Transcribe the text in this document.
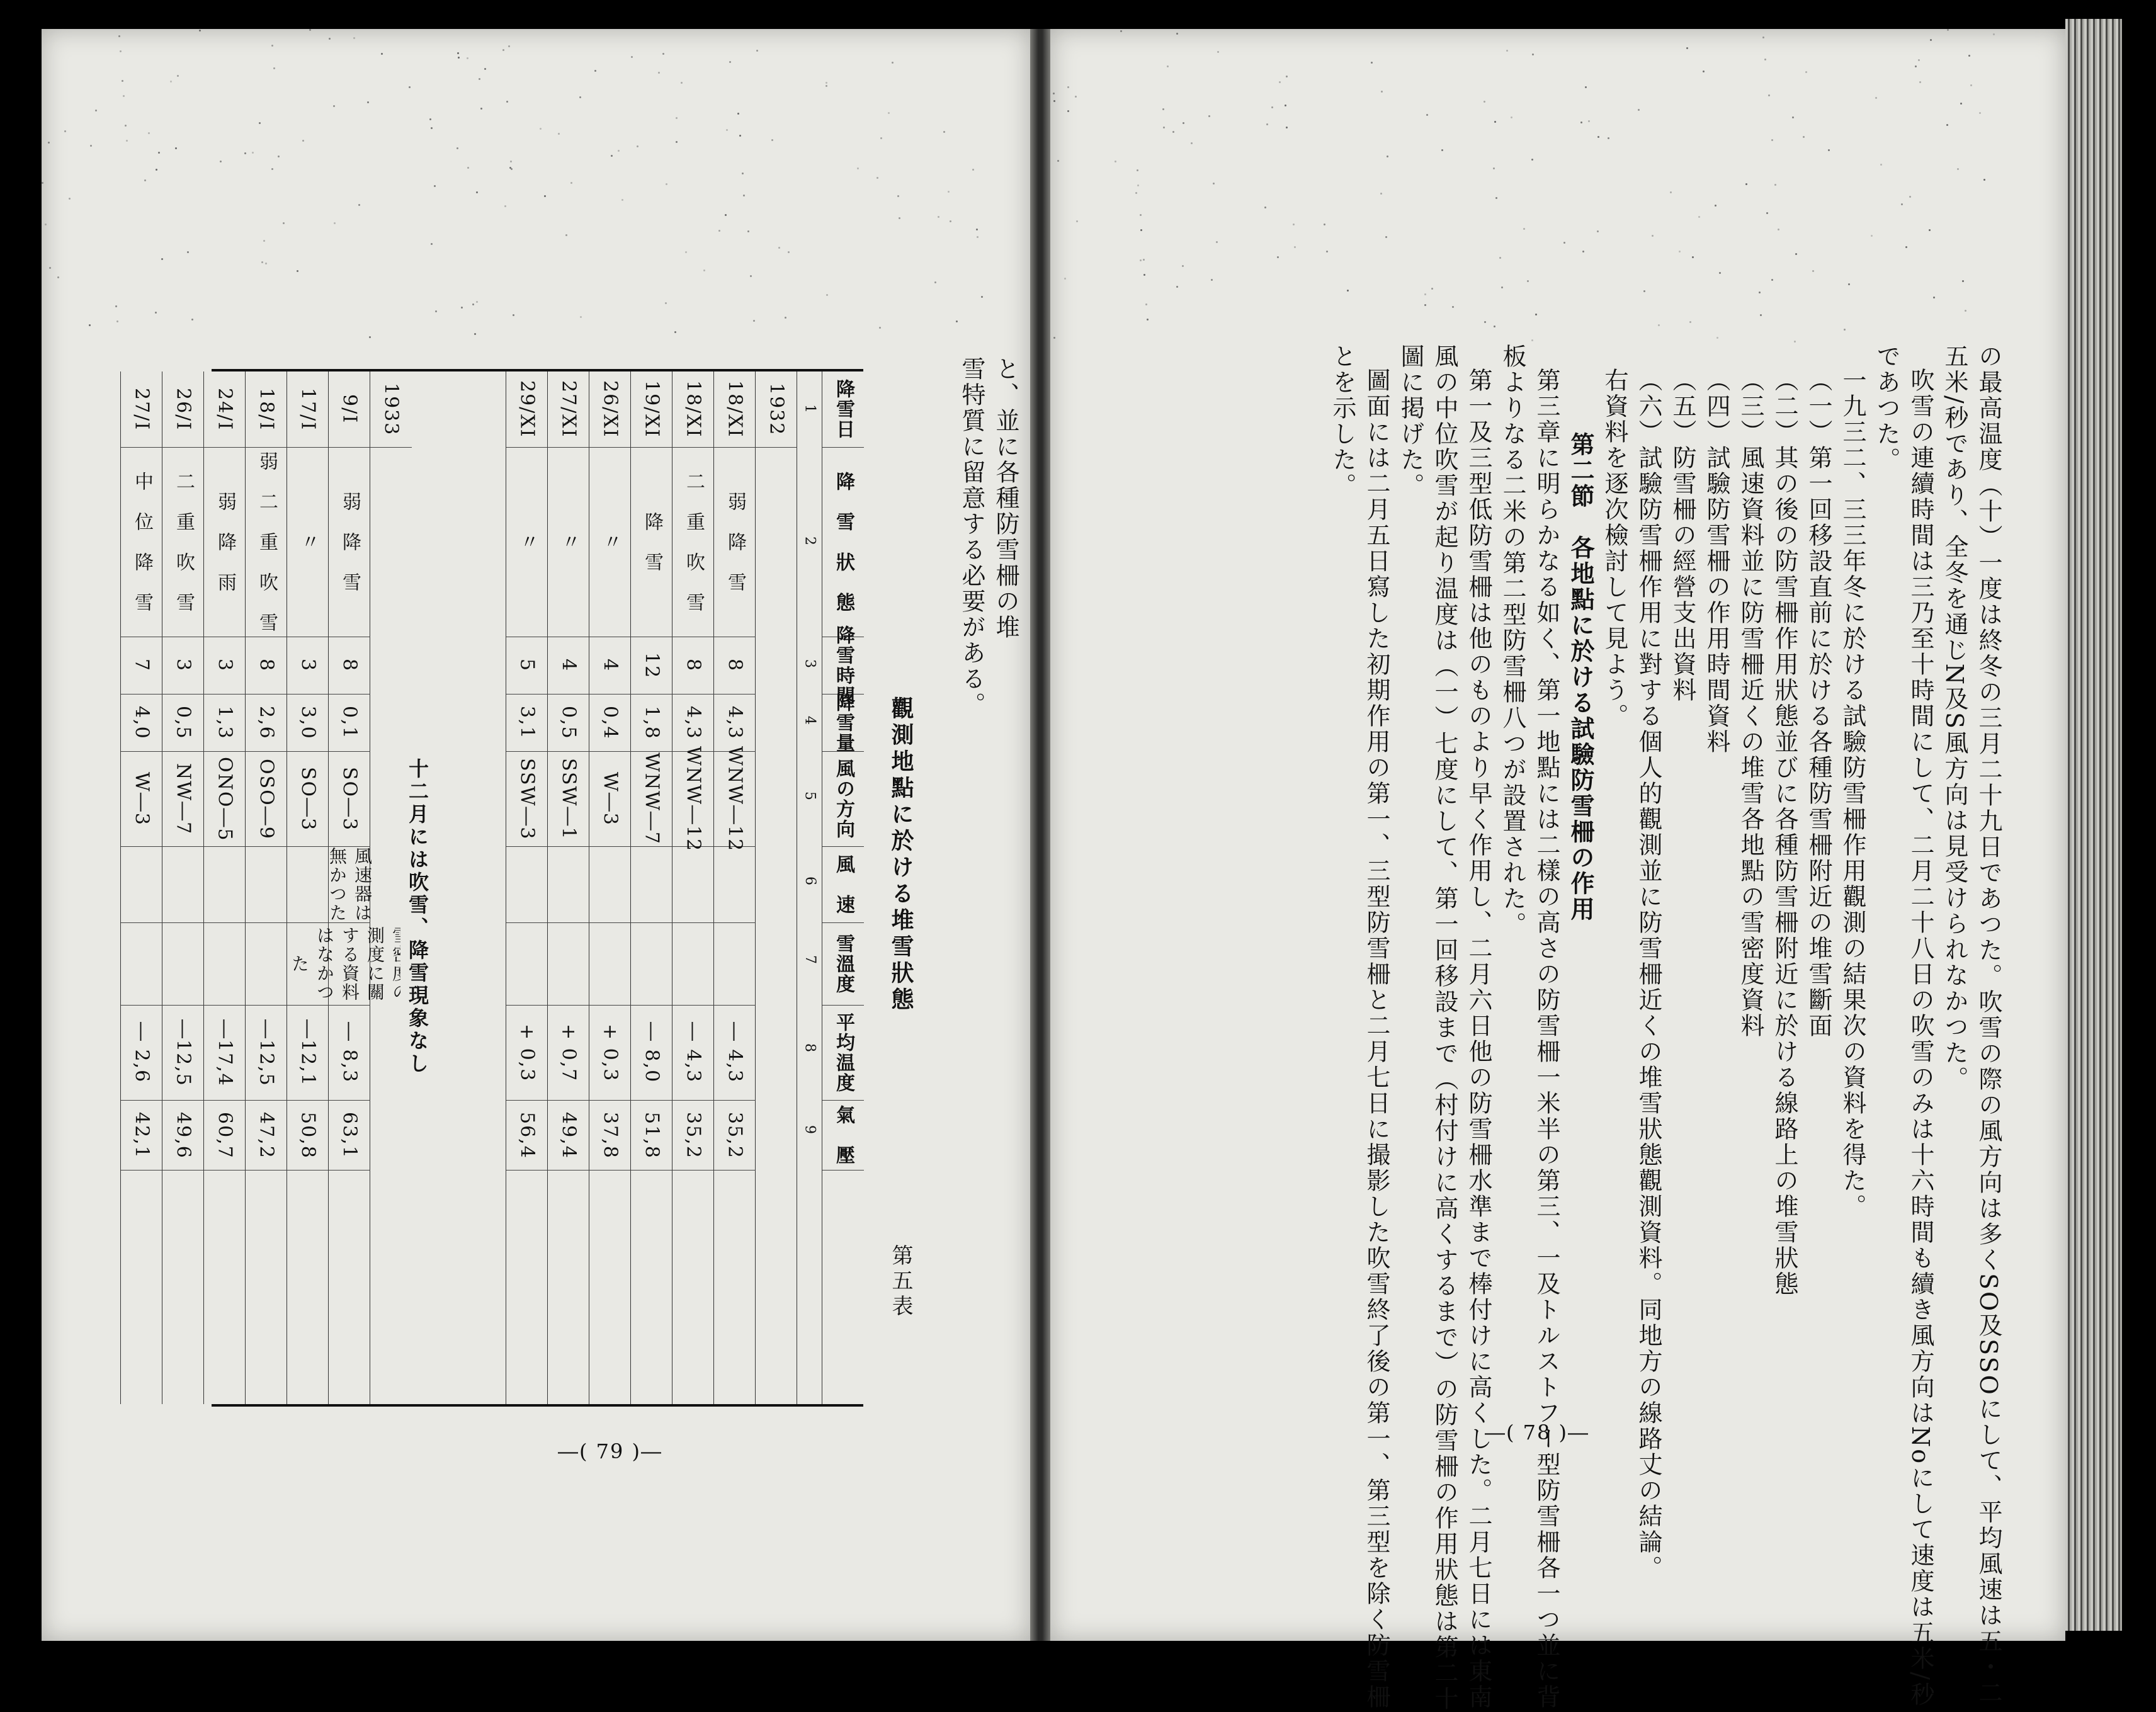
第五表
觀測地點に於ける堆雪狀態
と、並に各種防雪柵の堆
雪特質に留意する必要がある。
降雪日
降　雪　狀　態
降雪時間
降雪量
風の方向
風　速
雪溫度
平均温度
氣　壓
1
2
3
4
5
6
7
8
9
1932
18/XI
弱　降　雪
8
4,3
WNW―12
― 4,3
35,2
18/XI
二　重　吹　雪
8
4,3
WNW―12
― 4,3
35,2
19/XI
降　雪
12
1,8
WNW―7
― 8,0
51,8
26/XI
〃
4
0,4
W―3
+ 0,3
37,8
27/XI
〃
4
0,5
SSW―1
+ 0,7
49,4
29/XI
〃
5
3,1
SSW―3
+ 0,3
56,4
1933
9/I
弱　降　雪
8
0,1
SO―3
風速器は無かつた
測度に關する資料はなかつた
― 8,3
63,1
17/I
〃
3
3,0
SO―3
―12,1
50,8
18/I
弱　二　重　吹　雪
8
2,6
OSO―9
―12,5
47,2
24/I
弱　降　雨
3
1,3
ONO―5
―17,4
60,7
26/I
二　重　吹　雪
3
0,5
NW―7
―12,5
49,6
27/I
中　位　降　雪
7
4,0
W―3
― 2,6
42,1
十二月には吹雪、降雪現象なし
―( 79 )―	の最高温度（十）一度は終冬の三月二十九日であつた。吹雪の際の風方向は多くSO及SSOにして、平均風速は五・二
五米/秒であり、全冬を通じN及S風方向は見受けられなかつた。
吹雪の連續時間は三乃至十時間にして、二月二十八日の吹雪のみは十六時間も續き風方向はNoにして速度は五米/秒
であつた。
一九三二、三三年冬に於ける試驗防雪柵作用觀測の結果次の資料を得た。
（一）第一回移設直前に於ける各種防雪柵附近の堆雪斷面
（二）其の後の防雪柵作用狀態並びに各種防雪柵附近に於ける線路上の堆雪狀態
（三）風速資料並に防雪柵近くの堆雪各地點の雪密度資料
（四）試驗防雪柵の作用時間資料
（五）防雪柵の經營支出資料
（六）試驗防雪柵作用に對する個人的觀測並に防雪柵近くの堆雪狀態觀測資料。同地方の線路丈の結論。
右資料を逐次檢討して見よう。
第二節　各地點に於ける試驗防雪柵の作用
第三章に明らかなる如く、第一地點には二樣の高さの防雪柵一米半の第三、一及トルストフー型防雪柵各一つ並に背
板よりなる二米の第二型防雪柵八つが設置された。
第一及三型低防雪柵は他のものより早く作用し、二月六日他の防雪柵水準まで棒付けに高くした。二月七日には東南
風の中位吹雪が起り温度は（一）七度にして、第一回移設まで（村付けに高くするまで）の防雪柵の作用狀態は第二十
圖に掲げた。
圖面には二月五日寫した初期作用の第一、三型防雪柵と二月七日に撮影した吹雪終了後の第一、第三型を除く防雪柵
とを示した。
―( 78 )―
